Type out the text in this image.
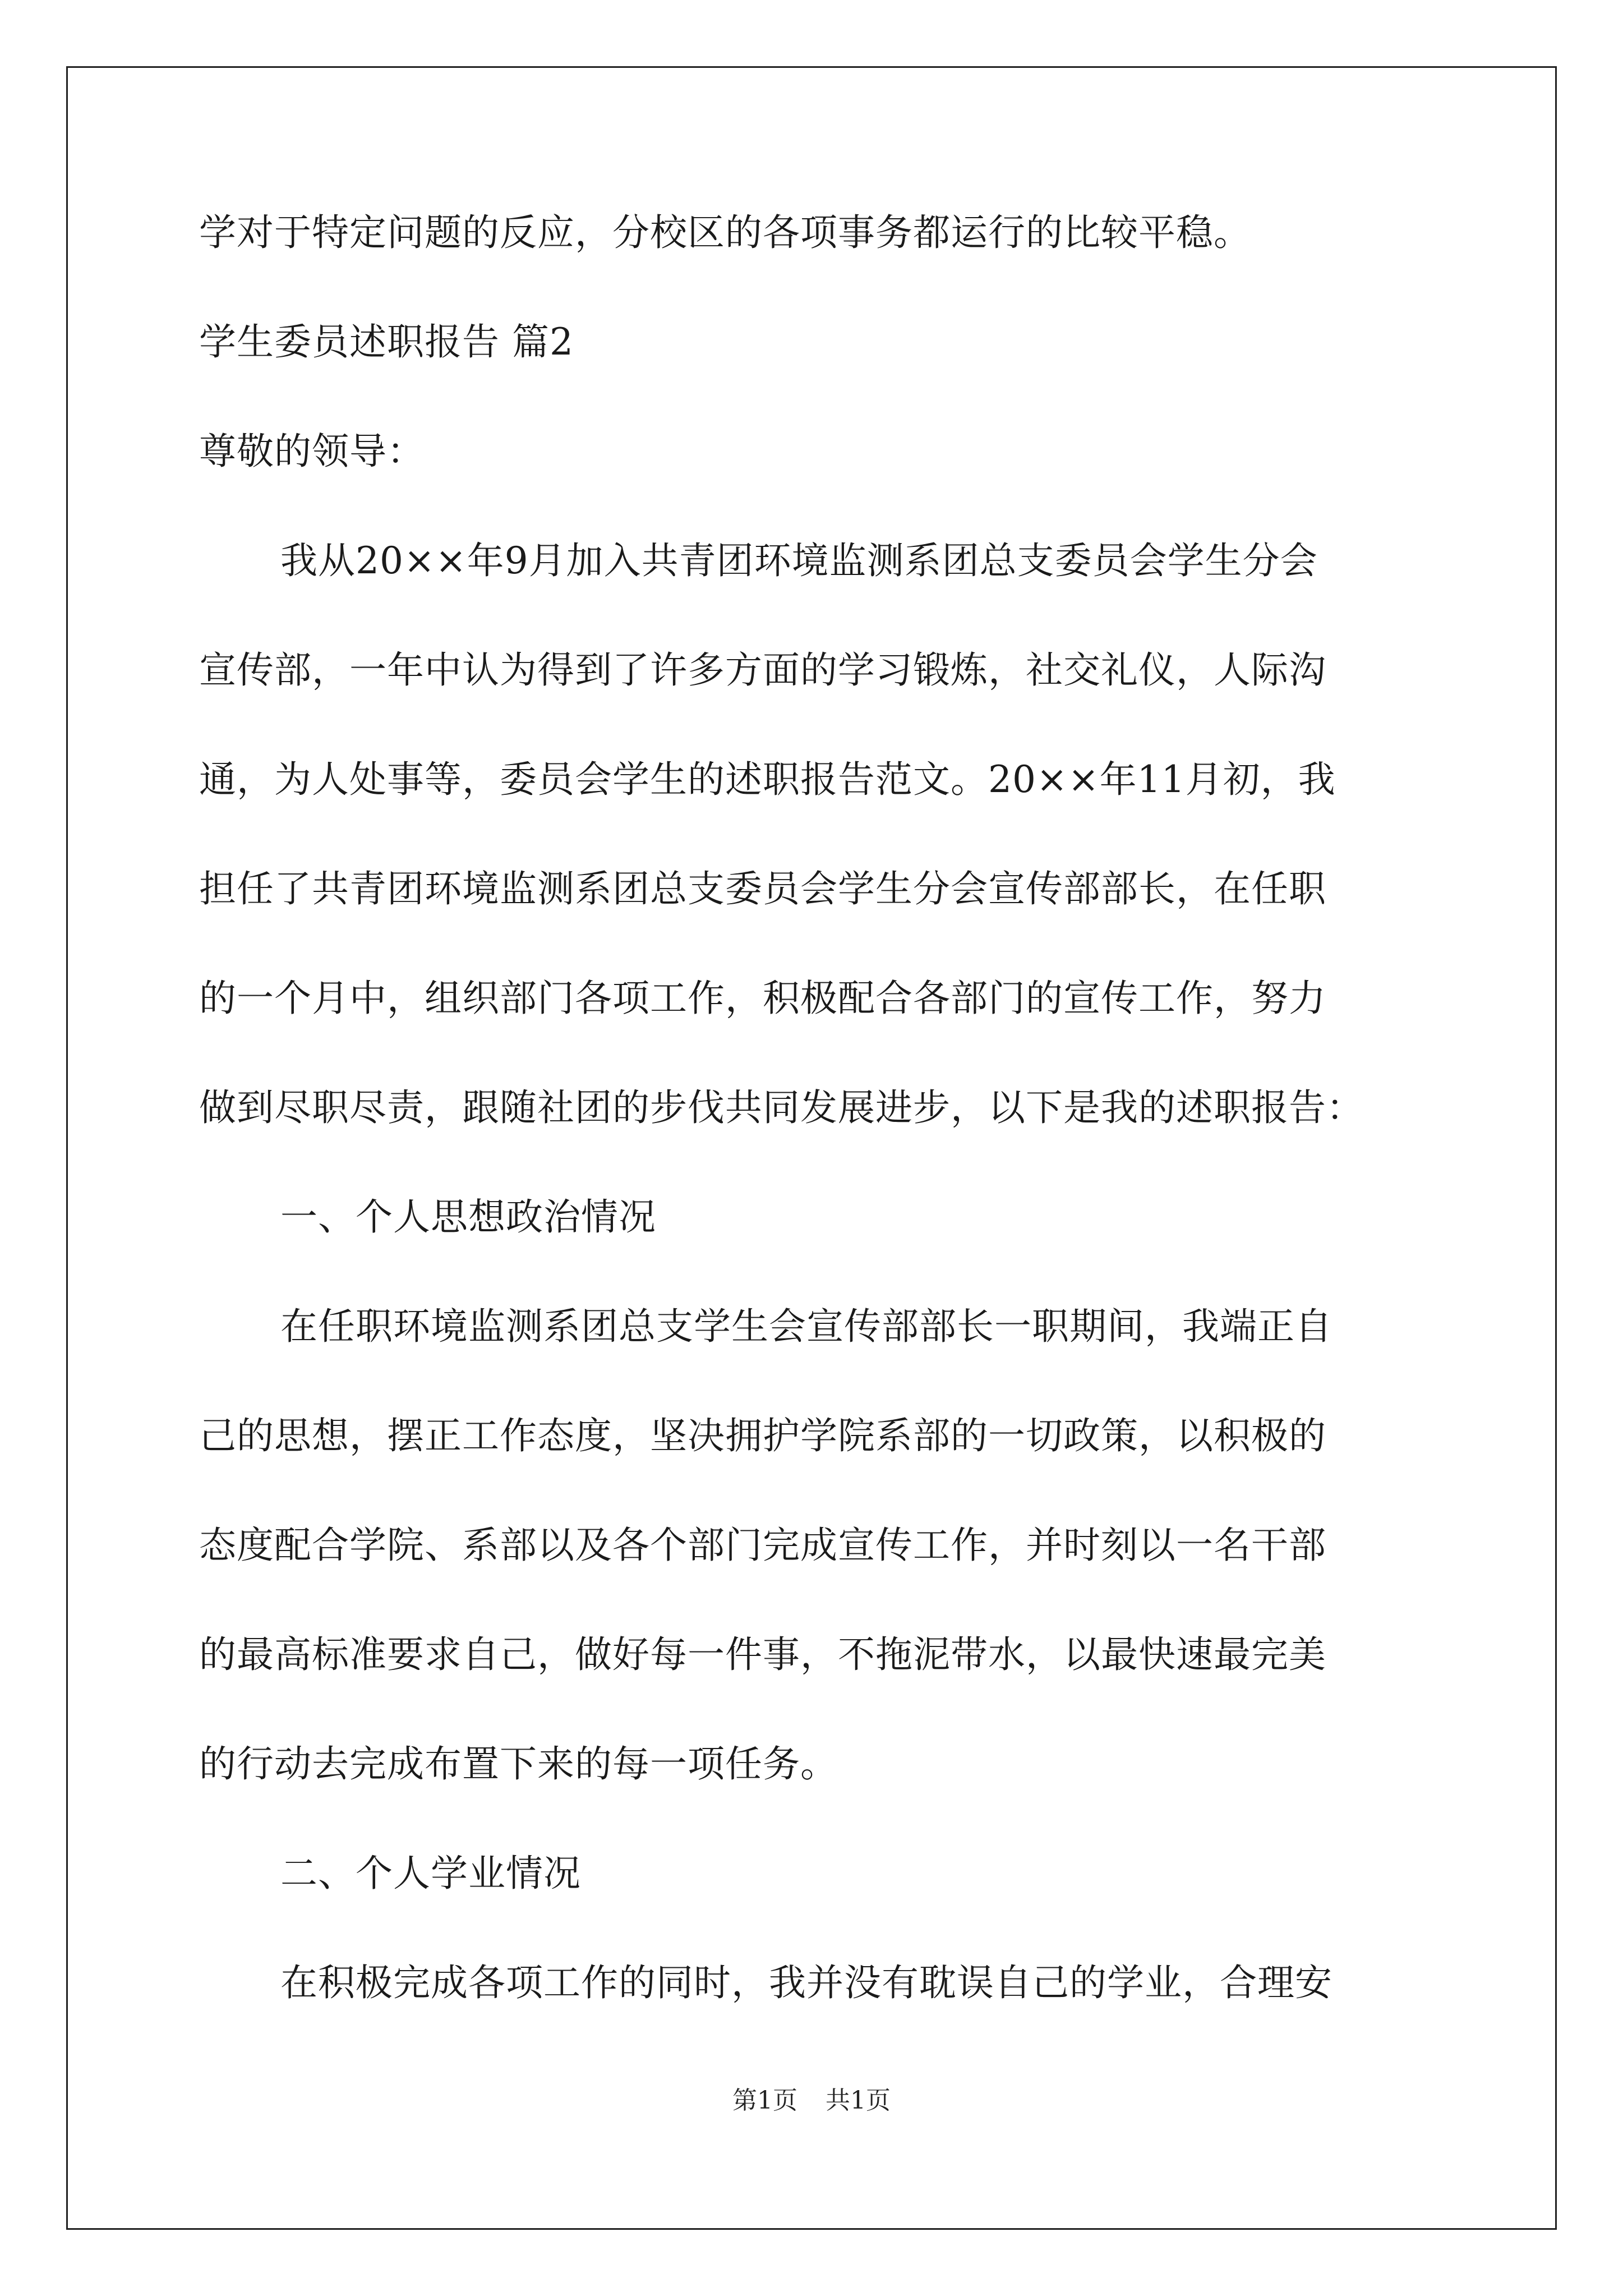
学对于特定问题的反应，分校区的各项事务都运行的比较平稳。
学生委员述职报告 篇2
尊敬的领导：
我从20××年9月加入共青团环境监测系团总支委员会学生分会
宣传部，一年中认为得到了许多方面的学习锻炼，社交礼仪，人际沟
通，为人处事等，委员会学生的述职报告范文。20××年11月初，我
担任了共青团环境监测系团总支委员会学生分会宣传部部长，在任职
的一个月中，组织部门各项工作，积极配合各部门的宣传工作，努力
做到尽职尽责，跟随社团的步伐共同发展进步，以下是我的述职报告：
一、个人思想政治情况
在任职环境监测系团总支学生会宣传部部长一职期间，我端正自
己的思想，摆正工作态度，坚决拥护学院系部的一切政策，以积极的
态度配合学院、系部以及各个部门完成宣传工作，并时刻以一名干部
的最高标准要求自己，做好每一件事，不拖泥带水，以最快速最完美
的行动去完成布置下来的每一项任务。
二、个人学业情况
在积极完成各项工作的同时，我并没有耽误自己的学业，合理安
第1页 共1页
